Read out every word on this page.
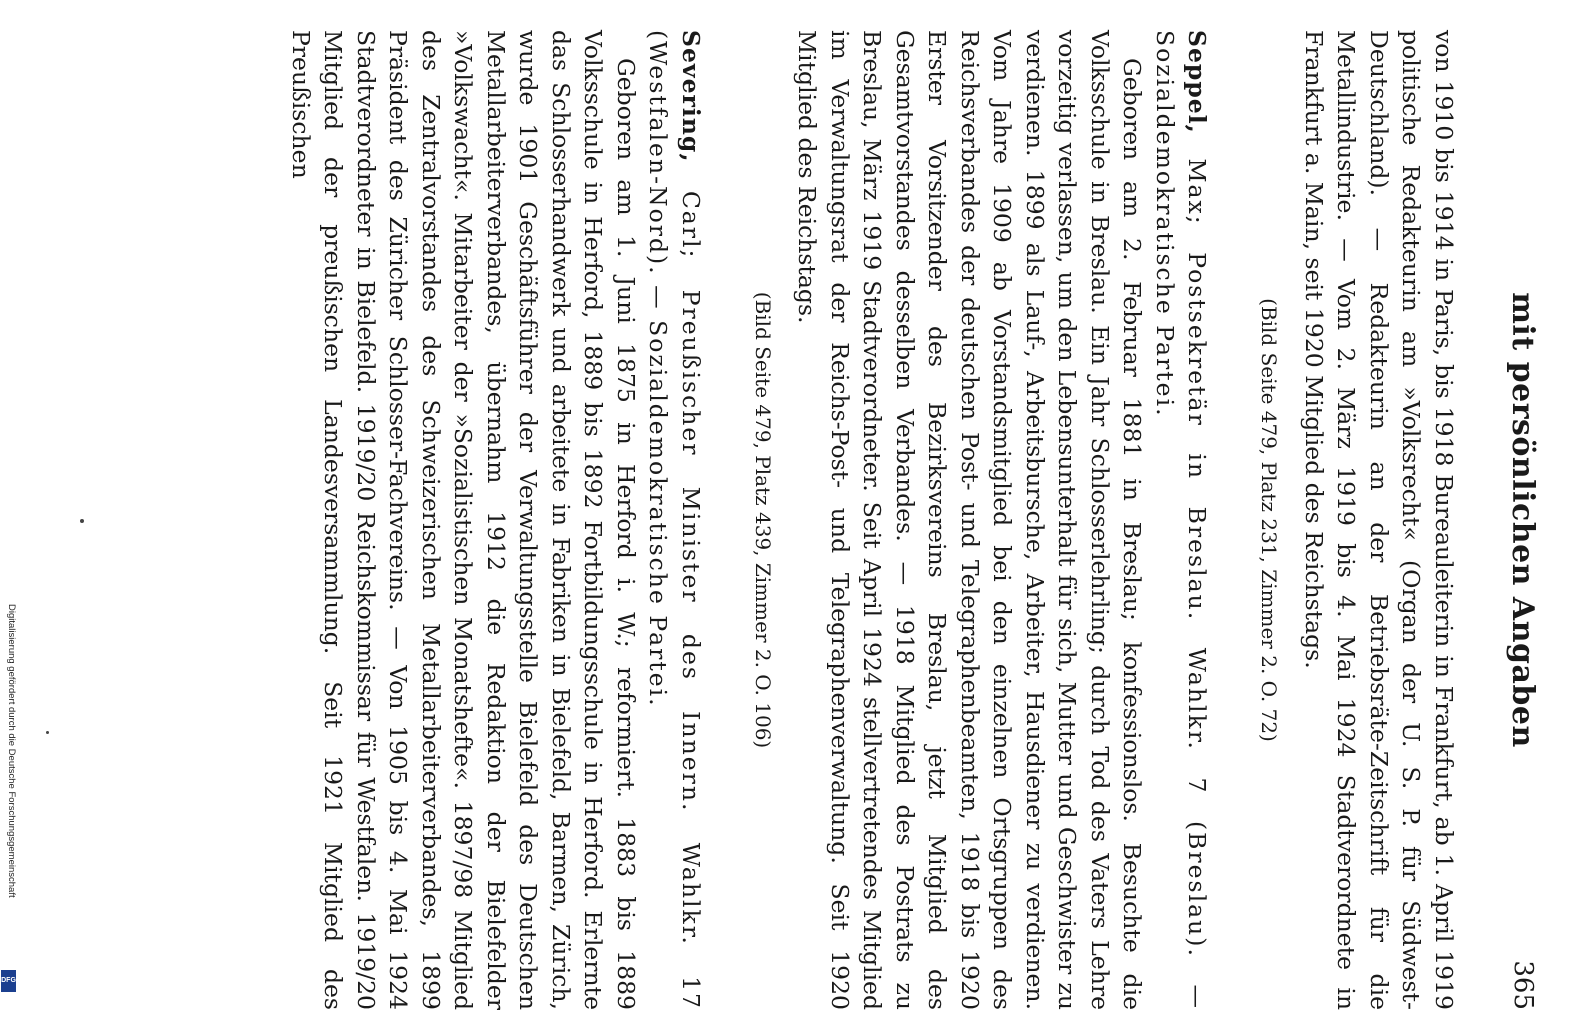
mit persönlichen Angaben
365

von 1910 bis 1914 in Paris, bis 1918 Bureauleiterin in Frankfurt, ab 1. April 1919 politische Redakteurin am »Volksrecht« (Organ der U. S. P. für Südwest-Deutschland). — Redakteurin an der Betriebsräte-Zeitschrift für die Metallindustrie. — Vom 2. März 1919 bis 4. Mai 1924 Stadtverordnete in Frankfurt a. Main, seit 1920 Mitglied des Reichstags.

(Bild Seite 479, Platz 231, Zimmer 2. O. 72)

Seppel, Max; Postsekretär in Breslau. Wahlkr. 7 (Breslau). — Sozialdemokratische Partei.

Geboren am 2. Februar 1881 in Breslau; konfessionslos. Besuchte die Volksschule in Breslau. Ein Jahr Schlosserlehrling; durch Tod des Vaters Lehre vorzeitig verlassen, um den Lebensunterhalt für sich, Mutter und Geschwister zu verdienen. 1899 als Lauf-, Arbeitsbursche, Arbeiter, Hausdiener zu verdienen. Vom Jahre 1909 ab Vorstandsmitglied bei den einzelnen Ortsgruppen des Reichsverbandes der deutschen Post- und Telegraphenbeamten, 1918 bis 1920 Erster Vorsitzender des Bezirksvereins Breslau, jetzt Mitglied des Gesamtvorstandes desselben Verbandes. — 1918 Mitglied des Postrats zu Breslau, März 1919 Stadtverordneter. Seit April 1924 stellvertretendes Mitglied im Verwaltungsrat der Reichs-Post- und Telegraphenverwaltung. Seit 1920 Mitglied des Reichstags.

(Bild Seite 479, Platz 439, Zimmer 2. O. 106)

Severing, Carl; Preußischer Minister des Innern. Wahlkr. 17 (Westfalen-Nord). — Sozialdemokratische Partei.

Geboren am 1. Juni 1875 in Herford i. W.; reformiert. 1883 bis 1889 Volksschule in Herford, 1889 bis 1892 Fortbildungsschule in Herford. Erlernte das Schlosserhandwerk und arbeitete in Fabriken in Bielefeld, Barmen, Zürich, wurde 1901 Geschäftsführer der Verwaltungsstelle Bielefeld des Deutschen Metallarbeiterverbandes, übernahm 1912 die Redaktion der Bielefelder »Volkswacht«. Mitarbeiter der »Sozialistischen Monatshefte«. 1897/98 Mitglied des Zentralvorstandes des Schweizerischen Metallarbeiterverbandes, 1899 Präsident des Züricher Schlosser-Fachvereins. — Von 1905 bis 4. Mai 1924 Stadtverordneter in Bielefeld. 1919/20 Reichskommissar für Westfalen. 1919/20 Mitglied der preußischen Landesversammlung. Seit 1921 Mitglied des Preußischen

Digitalisierung gefördert durch die Deutsche Forschungsgemeinschaft
DFG
